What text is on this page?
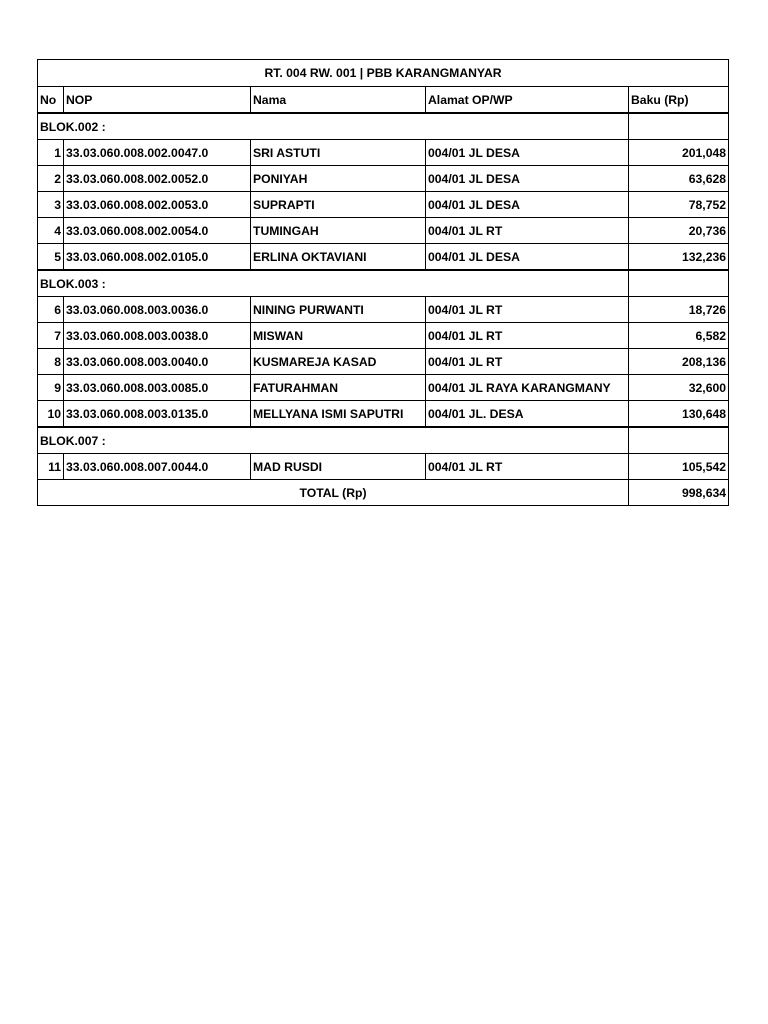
RT. 004 RW. 001 | PBB KARANGMANYAR				
No	NOP	Nama	Alamat OP/WP	Baku (Rp)
BLOK.002 :				
1	33.03.060.008.002.0047.0	SRI ASTUTI	004/01 JL DESA	201,048
2	33.03.060.008.002.0052.0	PONIYAH	004/01 JL DESA	63,628
3	33.03.060.008.002.0053.0	SUPRAPTI	004/01 JL DESA	78,752
4	33.03.060.008.002.0054.0	TUMINGAH	004/01 JL RT	20,736
5	33.03.060.008.002.0105.0	ERLINA OKTAVIANI	004/01 JL DESA	132,236
BLOK.003 :				
6	33.03.060.008.003.0036.0	NINING PURWANTI	004/01 JL RT	18,726
7	33.03.060.008.003.0038.0	MISWAN	004/01 JL RT	6,582
8	33.03.060.008.003.0040.0	KUSMAREJA KASAD	004/01 JL RT	208,136
9	33.03.060.008.003.0085.0	FATURAHMAN	004/01 JL RAYA KARANGMANY	32,600
10	33.03.060.008.003.0135.0	MELLYANA ISMI SAPUTRI	004/01 JL. DESA	130,648
BLOK.007 :				
11	33.03.060.008.007.0044.0	MAD RUSDI	004/01 JL RT	105,542
TOTAL (Rp)				998,634
